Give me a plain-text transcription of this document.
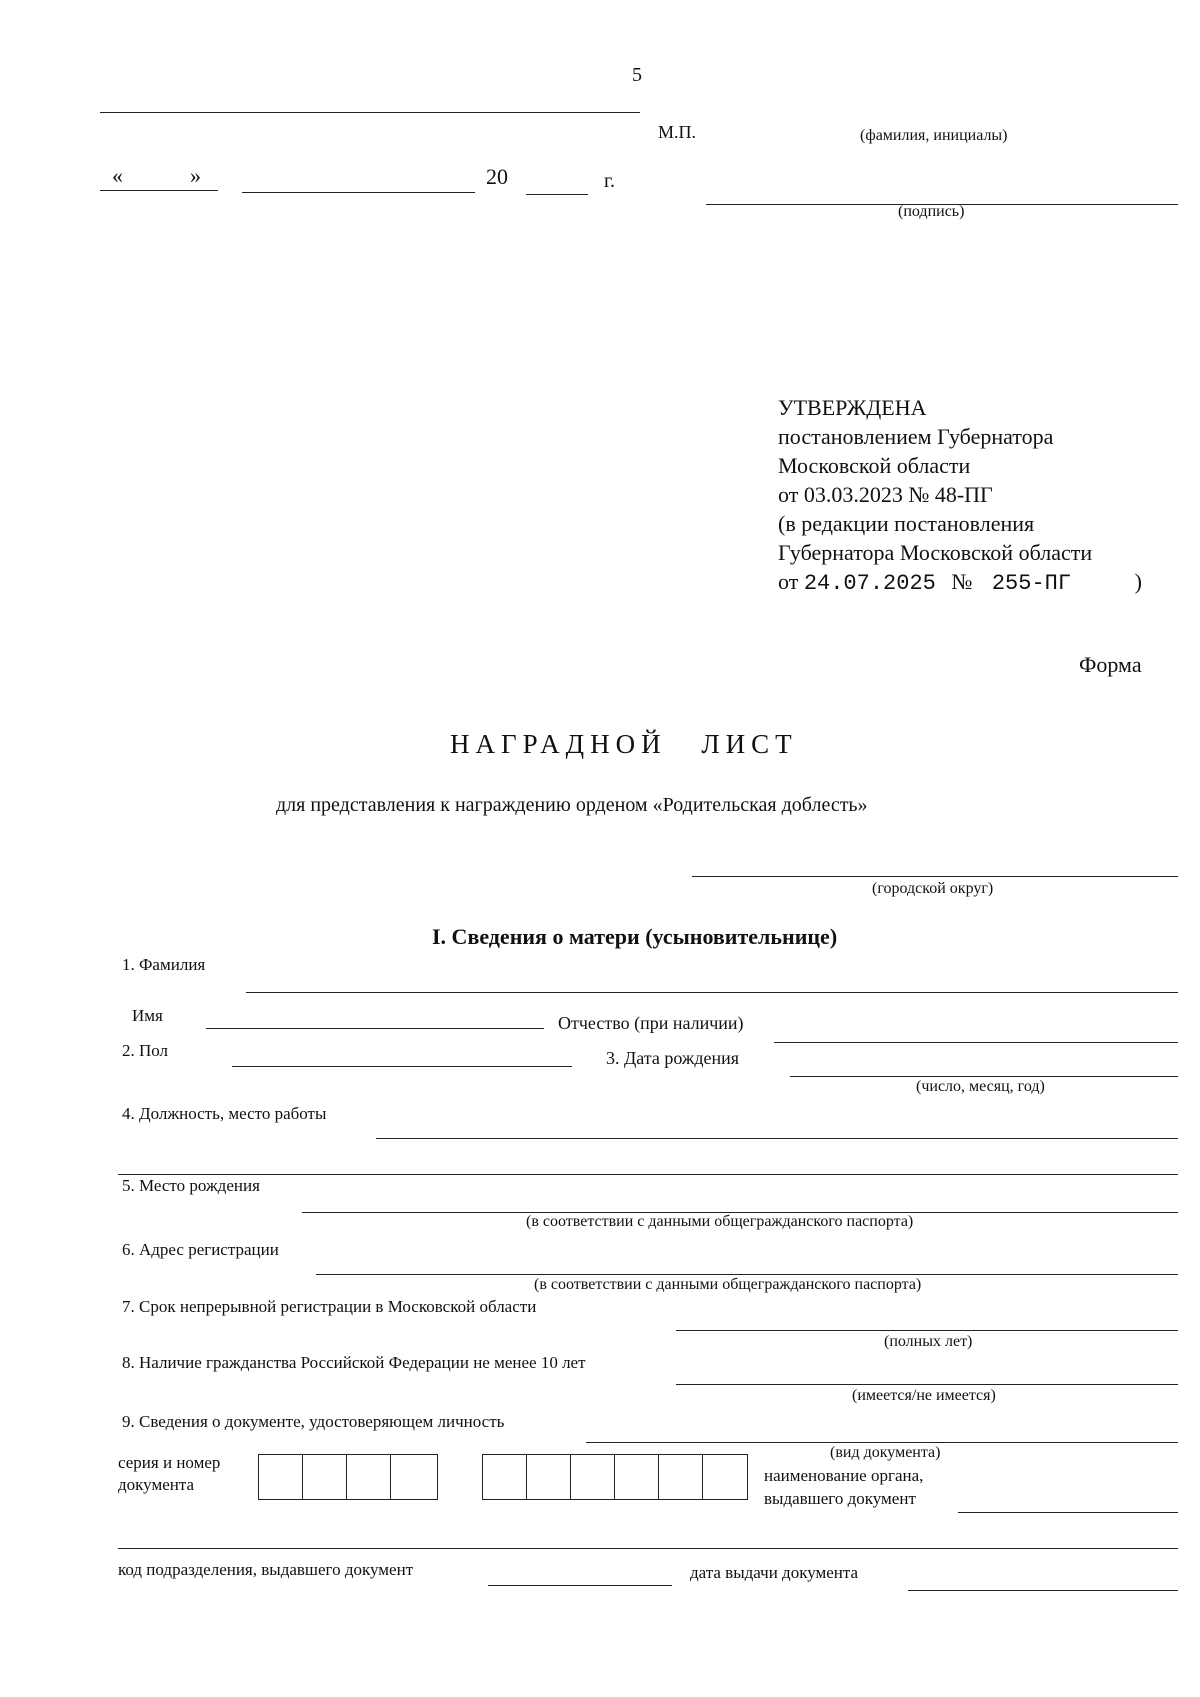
5
М.П.	(фамилия, инициалы)
«	»	20	г.
(подпись)
УТВЕРЖДЕНА
постановлением Губернатора
Московской области
от 03.03.2023 № 48-ПГ
(в редакции постановления
Губернатора Московской области
от 24.07.2025 № 255-ПГ	)
Форма
НАГРАДНОЙ ЛИСТ
для представления к награждению орденом «Родительская доблесть»
(городской округ)
I. Сведения о матери (усыновительнице)
1. Фамилия
Имя	Отчество (при наличии)
2. Пол	3. Дата рождения
(число, месяц, год)
4. Должность, место работы
5. Место рождения
(в соответствии с данными общегражданского паспорта)
6. Адрес регистрации
(в соответствии с данными общегражданского паспорта)
7. Срок непрерывной регистрации в Московской области
(полных лет)
8. Наличие гражданства Российской Федерации не менее 10 лет
(имеется/не имеется)
9. Сведения о документе, удостоверяющем личность
(вид документа)
серия и номер
документа	наименование органа,
выдавшего документ
код подразделения, выдавшего документ	дата выдачи документа
